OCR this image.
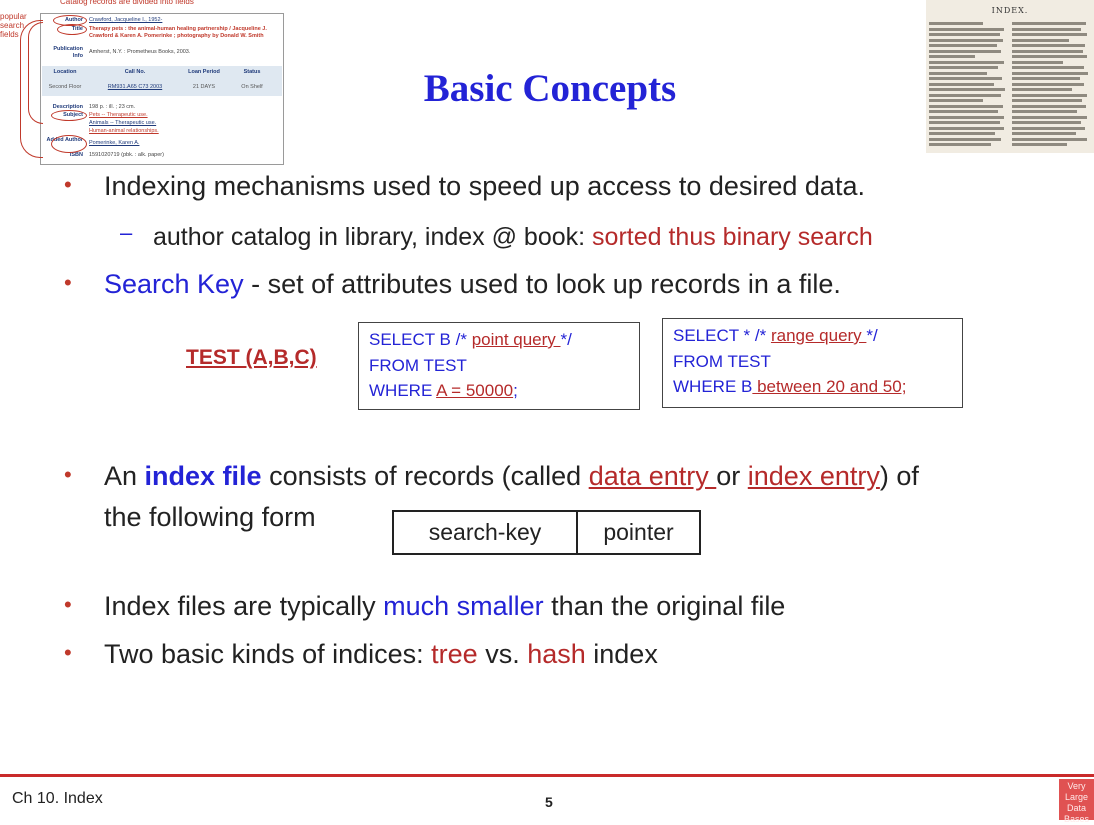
Catalog records are divided into fields
popular
search
fields
Author Crawford, Jacqueline I., 1952-
Title Therapy pets : the animal-human healing partnership / Jacqueline J. Crawford & Karen A. Pomerinke ; photography by Donald W. Smith
Publication Info
Amherst, N.Y. : Prometheus Books, 2003.
Location	Call No.	Loan Period	Status
Second Floor	RM931.A65 C73 2003	21 DAYS	On Shelf
Description 198 p. : ill. ; 23 cm.
Subject Pets -- Therapeutic use.
Animals -- Therapeutic use.
Human-animal relationships.
Added Author Pomerinke, Karen A.
ISBN 1591020719 (pbk. : alk. paper)
INDEX.
Basic Concepts
• Indexing mechanisms used to speed up access to desired data.
– author catalog in library, index @ book: sorted thus binary search
• Search Key - set of attributes used to look up records in a file.
TEST (A,B,C)
SELECT B /* point query */
FROM TEST
WHERE A = 50000;
SELECT * /* range query */
FROM TEST
WHERE B between 20 and 50;
• An index file consists of records (called data entry or index entry) of
the following form	search-key	pointer
• Index files are typically much smaller than the original file
• Two basic kinds of indices: tree vs. hash index
Ch 10. Index	5
Very
Large
Data
Bases
